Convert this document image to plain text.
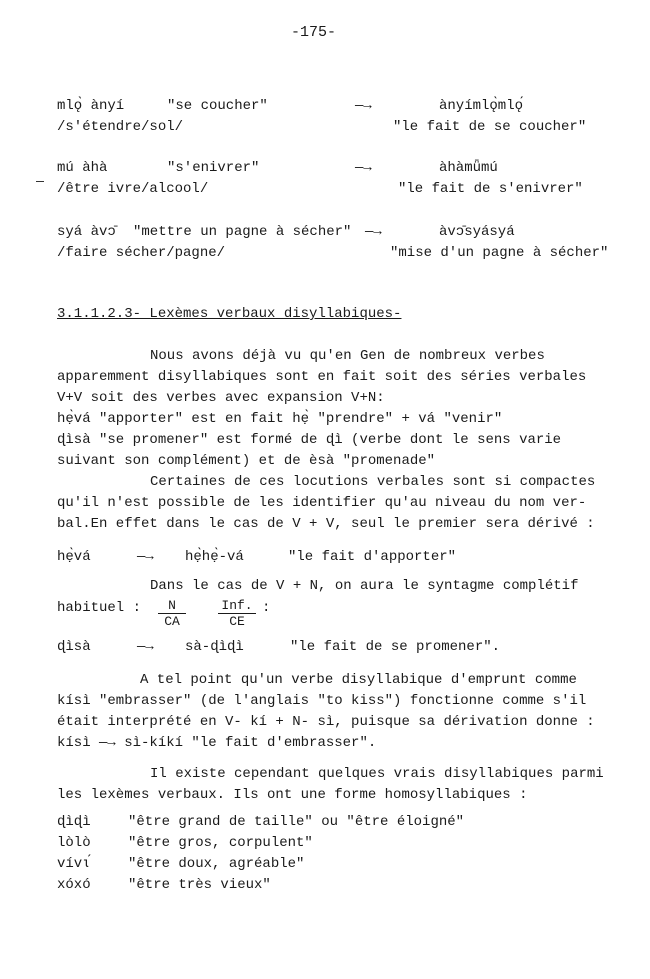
-175-
mlǫ̀ ànyí	"se coucher"	—→	ànyímlǫ̀mlǫ́
/s'étendre/sol/	"le fait de se coucher"
mú àhà	"s'enivrer"	—→	àhàmǖmú
/être ivre/alcool/	"le fait de s'enivrer"
syá àvɔ̄ "mettre un pagne à sécher" —→	àvɔ̄syásyá
/faire sécher/pagne/	"mise d'un pagne à sécher"
3.1.1.2.3- Lexèmes verbaux disyllabiques-
Nous avons déjà vu qu'en Gen de nombreux verbes
apparemment disyllabiques sont en fait soit des séries verbales
V+V soit des verbes avec expansion V+N:
hẹ̀vá "apporter" est en fait hẹ̀ "prendre" + vá "venir"
ɖìsà "se promener" est formé de ɖì (verbe dont le sens varie
suivant son complément) et de èsà "promenade"
Certaines de ces locutions verbales sont si compactes
qu'il n'est possible de les identifier qu'au niveau du nom ver-
bal.En effet dans le cas de V + V, seul le premier sera dérivé :
hẹ̀vá	—→ hẹ̀hẹ̀-vá	"le fait d'apporter"
Dans le cas de V + N, on aura le syntagme complétif
habituel : $\frac{N}{CA}$	Inf.
CE
:
ɖìsà	—→ sà-ɖìɖì	"le fait de se promener".
A tel point qu'un verbe disyllabique d'emprunt comme
kísì "embrasser" (de l'anglais "to kiss") fonctionne comme s'il
était interprété en V- kí + N- sì, puisque sa dérivation donne :
kísì —→ sì-kíkí "le fait d'embrasser".
Il existe cependant quelques vrais disyllabiques parmi
les lexèmes verbaux. Ils ont une forme homosyllabiques :
ɖìɖì	"être grand de taille" ou "être éloigné"
lòlò	"être gros, corpulent"
vívɩ́	"être doux, agréable"
xóxó	"être très vieux"
